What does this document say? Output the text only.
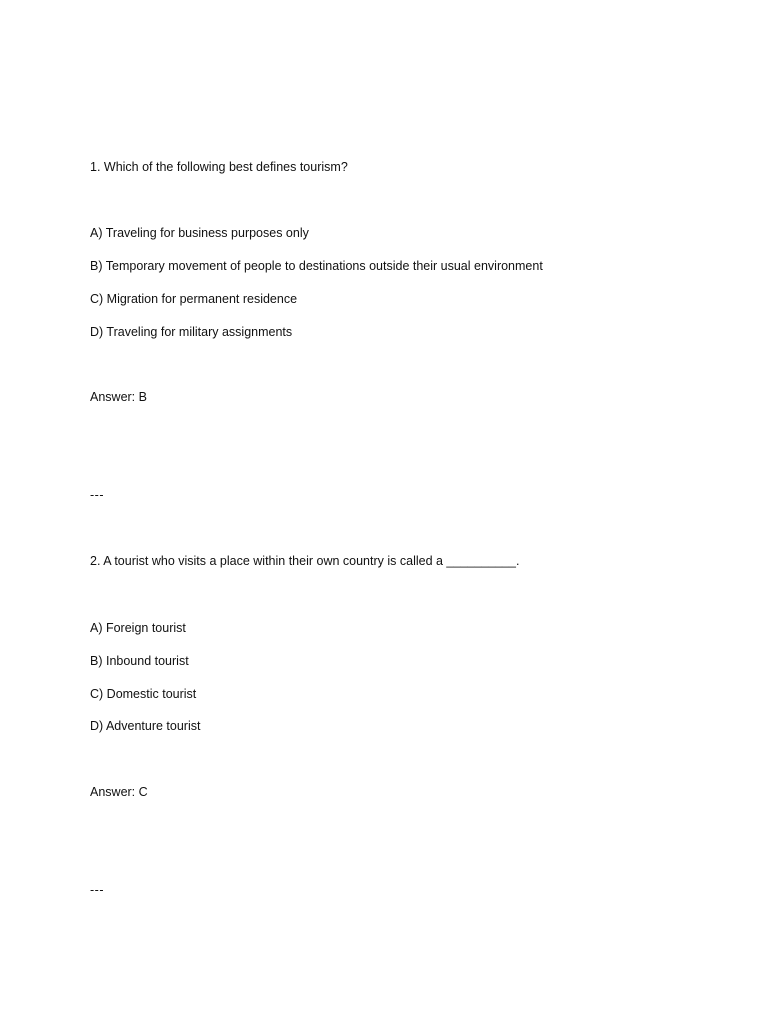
1. Which of the following best defines tourism?
A) Traveling for business purposes only
B) Temporary movement of people to destinations outside their usual environment
C) Migration for permanent residence
D) Traveling for military assignments
Answer: B
---
2. A tourist who visits a place within their own country is called a __________.
A) Foreign tourist
B) Inbound tourist
C) Domestic tourist
D) Adventure tourist
Answer: C
---
